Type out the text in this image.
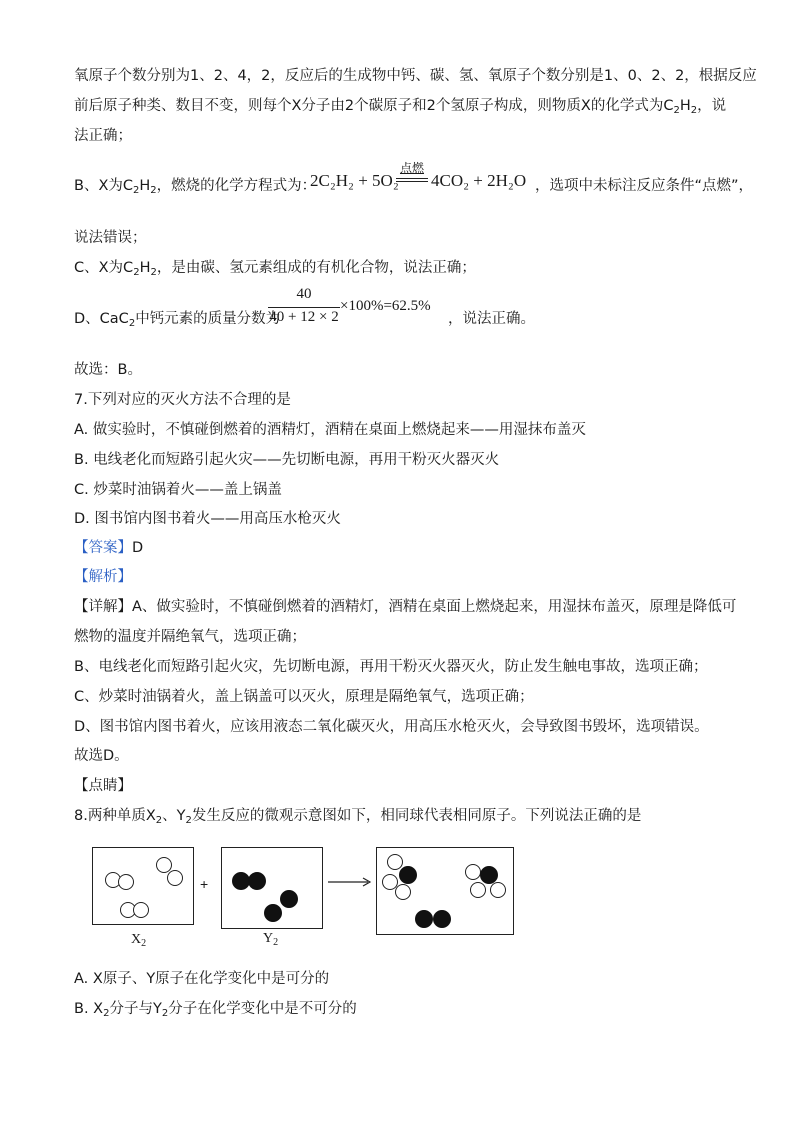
氧原子个数分别为1、2、4，2，反应后的生成物中钙、碳、氢、氧原子个数分别是1、0、2、2，根据反应
前后原子种类、数目不变，则每个X分子由2个碳原子和2个氢原子构成，则物质X的化学式为$C_2H_2$，说
法正确；
B、X为$C_2H_2$，燃烧的化学方程式为：
2C₂H₂ + 5O₂
点燃
4CO₂ + 2H₂O ，选项中未标注反应条件“点燃”，
说法错误；
C、X为$C_2H_2$，是由碳、氢元素组成的有机化合物，说法正确；
D、CaC$_2$中钙元素的质量分数为
40
40 + 12 × 2
×100%=62.5%
，说法正确。
故选：B。
7.下列对应的灭火方法不合理的是
A. 做实验时，不慎碰倒燃着的酒精灯，酒精在桌面上燃烧起来——用湿抹布盖灭
B. 电线老化而短路引起火灾——先切断电源，再用干粉灭火器灭火
C. 炒菜时油锅着火——盖上锅盖
D. 图书馆内图书着火——用高压水枪灭火
【答案】D
【解析】
【详解】A、做实验时，不慎碰倒燃着的酒精灯，酒精在桌面上燃烧起来，用湿抹布盖灭，原理是降低可
燃物的温度并隔绝氧气，选项正确；
B、电线老化而短路引起火灾，先切断电源，再用干粉灭火器灭火，防止发生触电事故，选项正确；
C、炒菜时油锅着火，盖上锅盖可以灭火，原理是隔绝氧气，选项正确；
D、图书馆内图书着火，应该用液态二氧化碳灭火，用高压水枪灭火，会导致图书毁坏，选项错误。
故选D。
【点睛】
8.两种单质$X_2$、$Y_2$发生反应的微观示意图如下，相同球代表相同原子。下列说法正确的是
$X_2$
+
$Y_2$
A. X原子、Y原子在化学变化中是可分的
B. $X_2$分子与$Y_2$分子在化学变化中是不可分的
